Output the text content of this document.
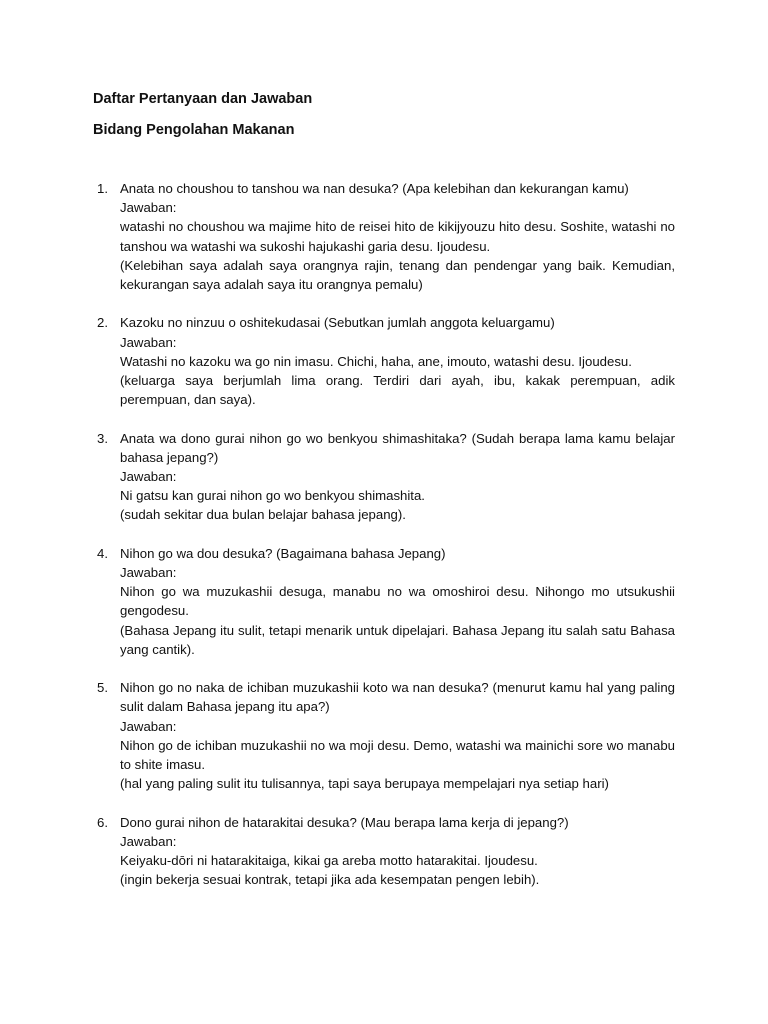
Daftar Pertanyaan dan Jawaban
Bidang Pengolahan Makanan
1. Anata no choushou to tanshou wa nan desuka? (Apa kelebihan dan kekurangan kamu)
Jawaban:
watashi no choushou wa majime hito de reisei hito de kikijyouzu hito desu. Soshite, watashi no tanshou wa watashi wa sukoshi hajukashi garia desu. Ijoudesu.
(Kelebihan saya adalah saya orangnya rajin, tenang dan pendengar yang baik. Kemudian, kekurangan saya adalah saya itu orangnya pemalu)
2. Kazoku no ninzuu o oshitekudasai (Sebutkan jumlah anggota keluargamu)
Jawaban:
Watashi no kazoku wa go nin imasu. Chichi, haha, ane, imouto, watashi desu. Ijoudesu.
(keluarga saya berjumlah lima orang. Terdiri dari ayah, ibu, kakak perempuan, adik perempuan, dan saya).
3. Anata wa dono gurai nihon go wo benkyou shimashitaka? (Sudah berapa lama kamu belajar bahasa jepang?)
Jawaban:
Ni gatsu kan gurai nihon go wo benkyou shimashita.
(sudah sekitar dua bulan belajar bahasa jepang).
4. Nihon go wa dou desuka? (Bagaimana bahasa Jepang)
Jawaban:
Nihon go wa muzukashii desuga, manabu no wa omoshiroi desu. Nihongo mo utsukushii gengodesu.
(Bahasa Jepang itu sulit, tetapi menarik untuk dipelajari. Bahasa Jepang itu salah satu Bahasa yang cantik).
5. Nihon go no naka de ichiban muzukashii koto wa nan desuka? (menurut kamu hal yang paling sulit dalam Bahasa jepang itu apa?)
Jawaban:
Nihon go de ichiban muzukashii no wa moji desu. Demo, watashi wa mainichi sore wo manabu to shite imasu.
(hal yang paling sulit itu tulisannya, tapi saya berupaya mempelajari nya setiap hari)
6. Dono gurai nihon de hatarakitai desuka? (Mau berapa lama kerja di jepang?)
Jawaban:
Keiyaku-dōri ni hatarakitaiga, kikai ga areba motto hatarakitai. Ijoudesu.
(ingin bekerja sesuai kontrak, tetapi jika ada kesempatan pengen lebih).
